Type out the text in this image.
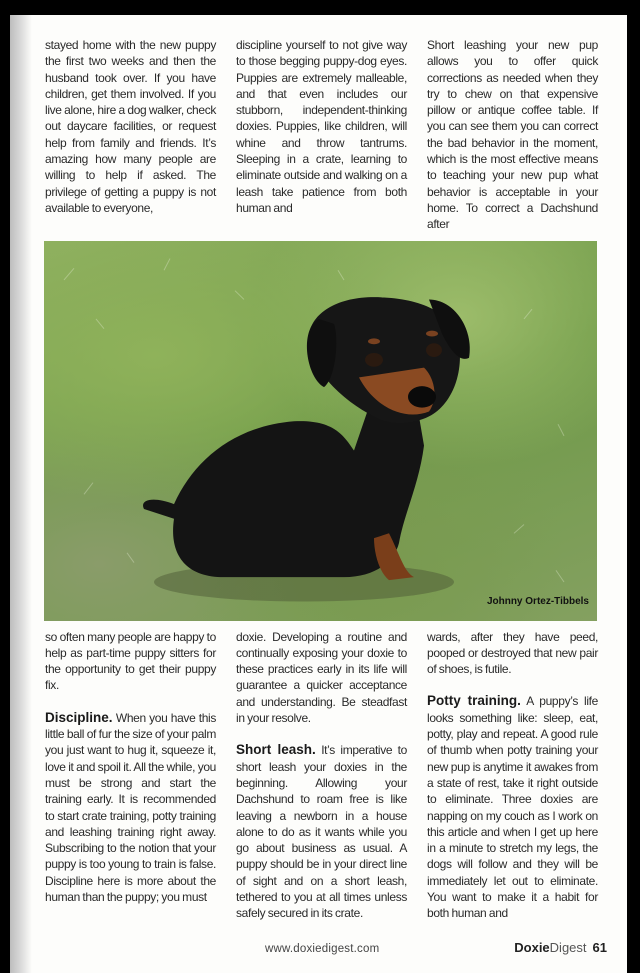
stayed home with the new puppy the first two weeks and then the husband took over. If you have children, get them involved. If you live alone, hire a dog walker, check out daycare facilities, or request help from family and friends. It’s amazing how many people are willing to help if asked. The privilege of getting a puppy is not available to everyone,

discipline yourself to not give way to those begging puppy-dog eyes. Puppies are extremely malleable, and that even includes our stubborn, independent-thinking doxies. Puppies, like children, will whine and throw tantrums. Sleeping in a crate, learning to eliminate outside and walking on a leash take patience from both human and

Short leashing your new pup allows you to offer quick corrections as needed when they try to chew on that expensive pillow or antique coffee table. If you can see them you can correct the bad behavior in the moment, which is the most effective means to teaching your new pup what behavior is acceptable in your home. To correct a Dachshund after

Johnny Ortez-Tibbels

so often many people are happy to help as part-time puppy sitters for the opportunity to get their puppy fix.

Discipline. When you have this little ball of fur the size of your palm you just want to hug it, squeeze it, love it and spoil it. All the while, you must be strong and start the training early. It is recommended to start crate training, potty training and leashing training right away. Subscribing to the notion that your puppy is too young to train is false. Discipline here is more about the human than the puppy; you must

doxie. Developing a routine and continually exposing your doxie to these practices early in its life will guarantee a quicker acceptance and understanding. Be steadfast in your resolve.

Short leash. It’s imperative to short leash your doxies in the beginning. Allowing your Dachshund to roam free is like leaving a newborn in a house alone to do as it wants while you go about business as usual. A puppy should be in your direct line of sight and on a short leash, tethered to you at all times unless safely secured in its crate.

wards, after they have peed, pooped or destroyed that new pair of shoes, is futile.

Potty training. A puppy’s life looks something like: sleep, eat, potty, play and repeat. A good rule of thumb when potty training your new pup is anytime it awakes from a state of rest, take it right outside to eliminate. Three doxies are napping on my couch as I work on this article and when I get up here in a minute to stretch my legs, the dogs will follow and they will be immediately let out to eliminate. You want to make it a habit for both human and

www.doxiedigest.com	DoxieDigest 61
